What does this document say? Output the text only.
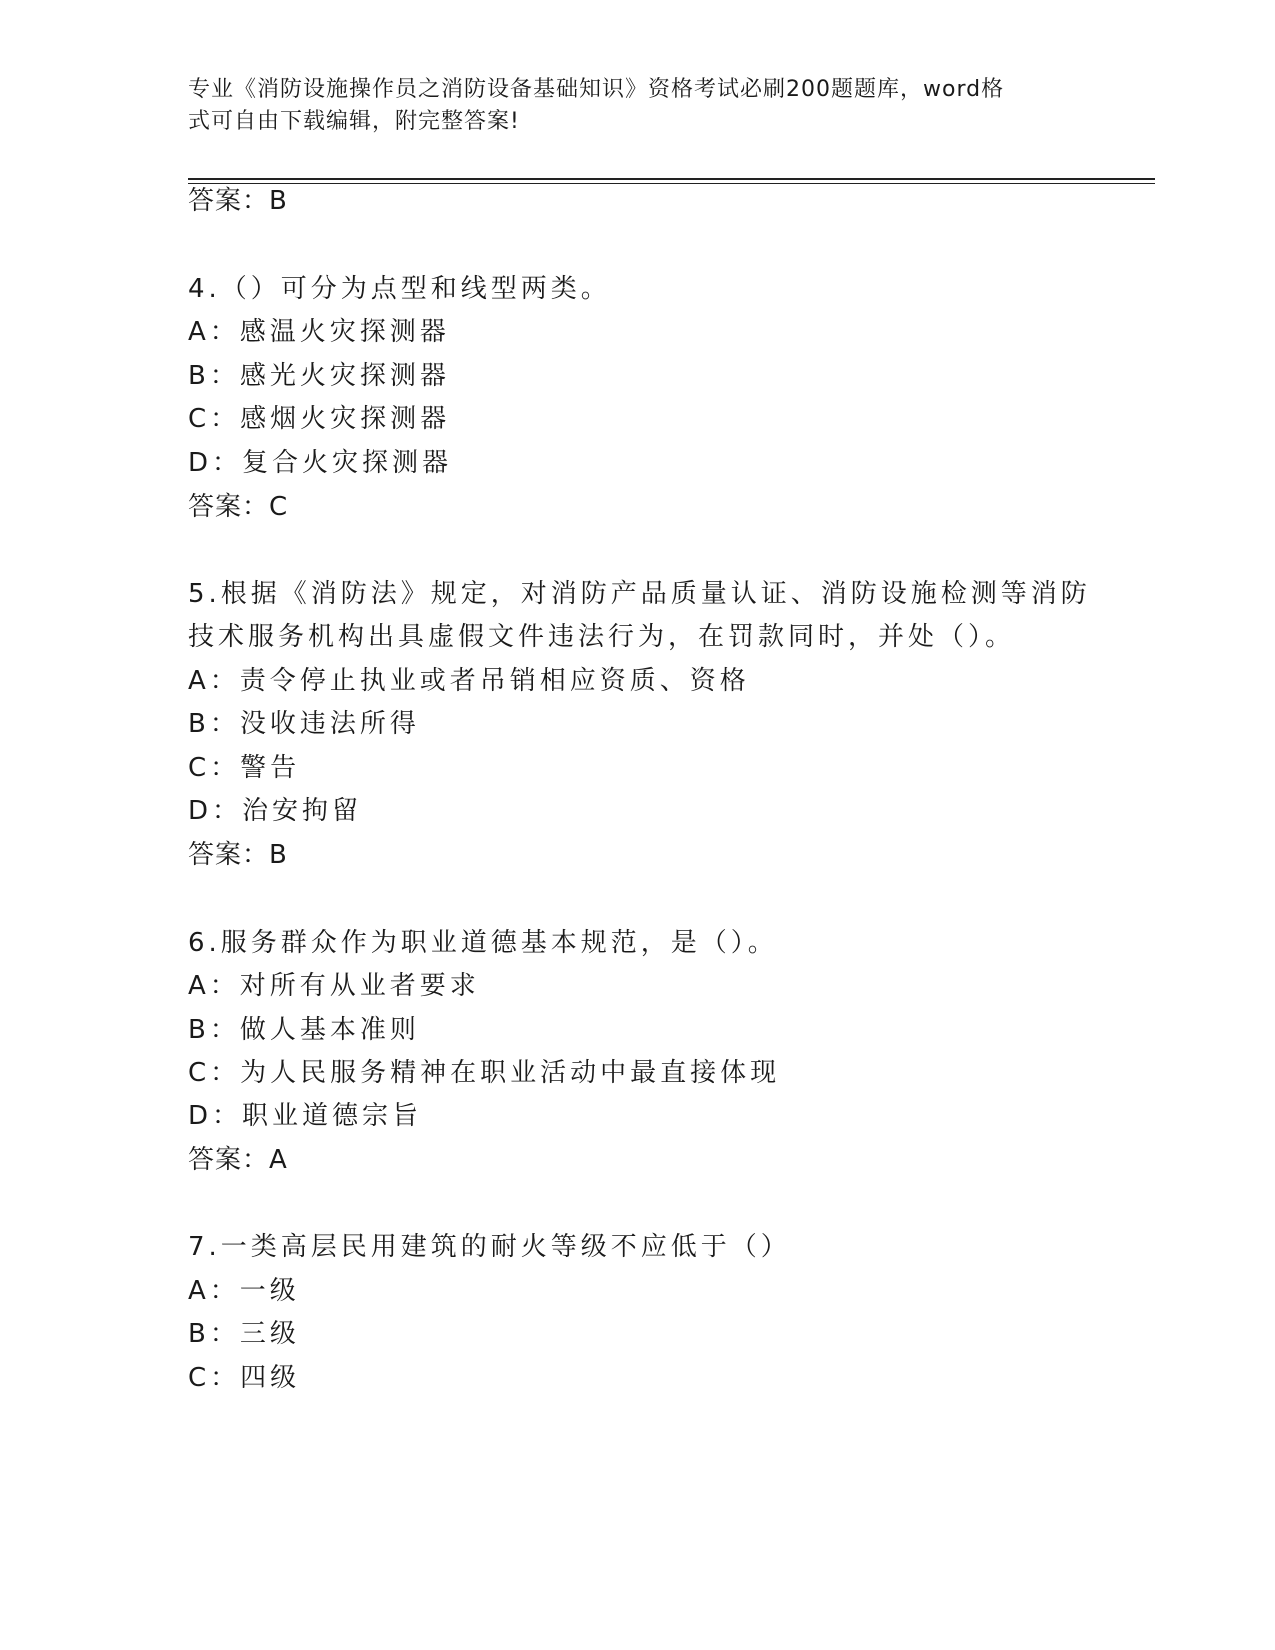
专业《消防设施操作员之消防设备基础知识》资格考试必刷200题题库，word格
式可自由下载编辑，附完整答案!
答案：B
4.（）可分为点型和线型两类。
A：感温火灾探测器
B：感光火灾探测器
C：感烟火灾探测器
D：复合火灾探测器
答案：C
5.根据《消防法》规定，对消防产品质量认证、消防设施检测等消防
技术服务机构出具虚假文件违法行为，在罚款同时，并处（）。
A：责令停止执业或者吊销相应资质、资格
B：没收违法所得
C：警告
D：治安拘留
答案：B
6.服务群众作为职业道德基本规范，是（）。
A：对所有从业者要求
B：做人基本准则
C：为人民服务精神在职业活动中最直接体现
D：职业道德宗旨
答案：A
7.一类高层民用建筑的耐火等级不应低于（）
A：一级
B：三级
C：四级
